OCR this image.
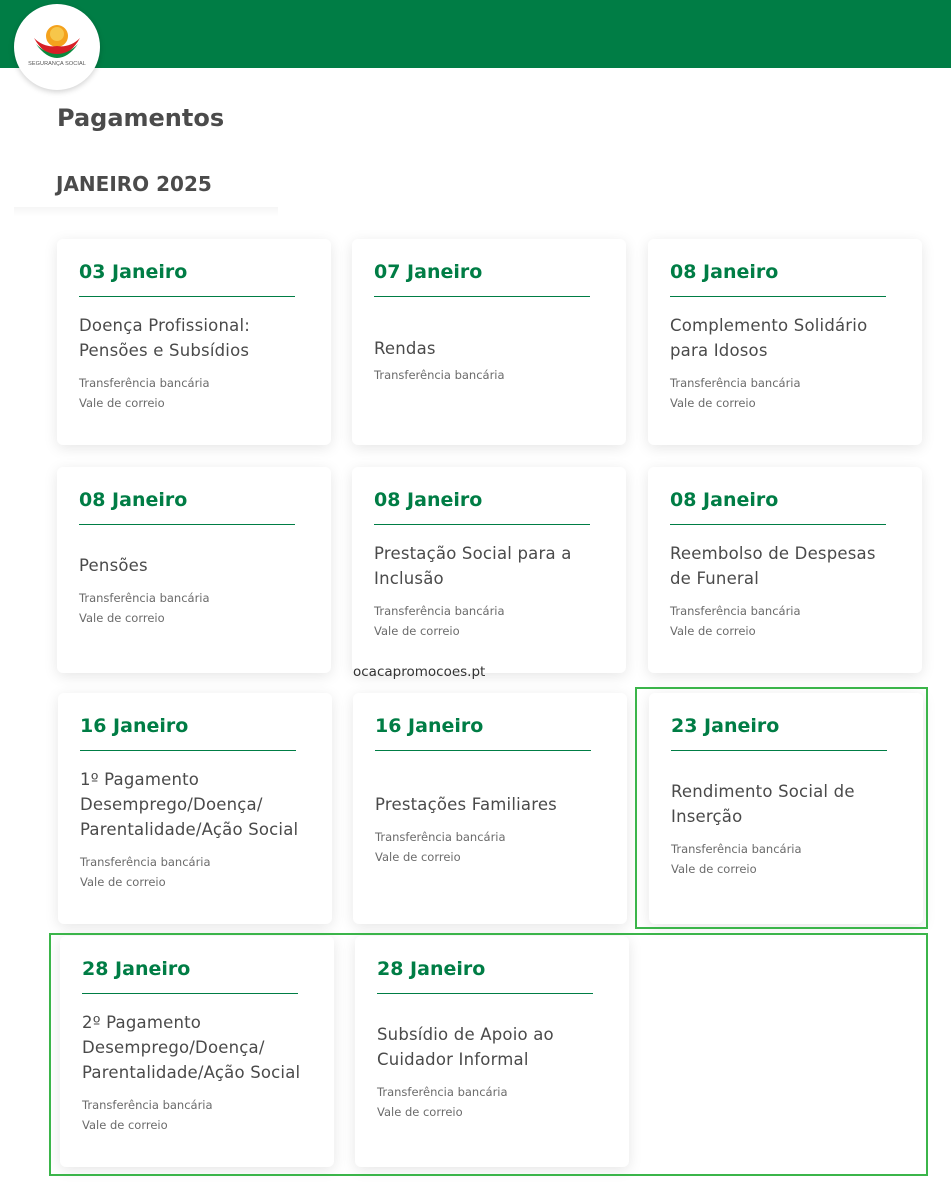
SEGURANÇA SOCIAL
Pagamentos
JANEIRO 2025
03 Janeiro
Doença Profissional:
Pensões e Subsídios
Transferência bancária
Vale de correio
07 Janeiro
Rendas
Transferência bancária
08 Janeiro
Complemento Solidário
para Idosos
Transferência bancária
Vale de correio
08 Janeiro
Pensões
Transferência bancária
Vale de correio
08 Janeiro
Prestação Social para a
Inclusão
Transferência bancária
Vale de correio
08 Janeiro
Reembolso de Despesas
de Funeral
Transferência bancária
Vale de correio
ocacapromocoes.pt
16 Janeiro
1º Pagamento
Desemprego/Doença/
Parentalidade/Ação Social
Transferência bancária
Vale de correio
16 Janeiro
Prestações Familiares
Transferência bancária
Vale de correio
23 Janeiro
Rendimento Social de
Inserção
Transferência bancária
Vale de correio
28 Janeiro
2º Pagamento
Desemprego/Doença/
Parentalidade/Ação Social
Transferência bancária
Vale de correio
28 Janeiro
Subsídio de Apoio ao
Cuidador Informal
Transferência bancária
Vale de correio
